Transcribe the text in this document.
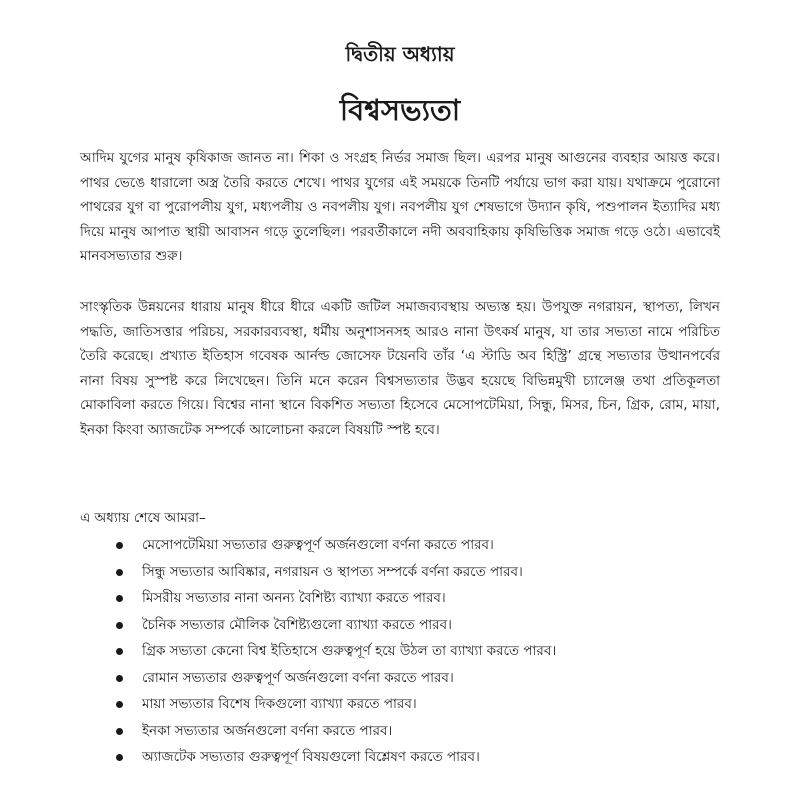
দ্বিতীয় অধ্যায়
বিশ্বসভ্যতা

আদিম যুগের মানুষ কৃষিকাজ জানত না। শিকা ও সংগ্রহ নির্ভর সমাজ ছিল। এরপর মানুষ আগুনের ব্যবহার আয়ত্ত করে। পাথর ভেঙে ধারালো অস্ত্র তৈরি করতে শেখে। পাথর যুগের এই সময়কে তিনটি পর্যায়ে ভাগ করা যায়। যথাক্রমে পুরোনো পাথরের যুগ বা পুরোপলীয় যুগ, মধ্যপলীয় ও নবপলীয় যুগ। নবপলীয় যুগ শেষভাগে উদ্যান কৃষি, পশুপালন ইত্যাদির মধ্য দিয়ে মানুষ আপাত স্থায়ী আবাসন গড়ে তুলেছিল। পরবর্তীকালে নদী অববাহিকায় কৃষিভিত্তিক সমাজ গড়ে ওঠে। এভাবেই মানবসভ্যতার শুরু।

সাংস্কৃতিক উন্নয়নের ধারায় মানুষ ধীরে ধীরে একটি জটিল সমাজব্যবস্থায় অভ্যস্ত হয়। উপযুক্ত নগরায়ন, স্থাপত্য, লিখন পদ্ধতি, জাতিসত্তার পরিচয়, সরকারব্যবস্থা, ধর্মীয় অনুশাসনসহ আরও নানা উৎকর্ষ মানুষ, যা তার সভ্যতা নামে পরিচিত তৈরি করেছে। প্রখ্যাত ইতিহাস গবেষক আর্নল্ড জোসেফ টয়েনবি তাঁর ‘এ স্টাডি অব হিস্ট্রি’ গ্রন্থে সভ্যতার উত্থানপর্বের নানা বিষয় সুস্পষ্ট করে লিখেছেন। তিনি মনে করেন বিশ্বসভ্যতার উদ্ভব হয়েছে বিভিন্নমুখী চ্যালেঞ্জ তথা প্রতিকূলতা মোকাবিলা করতে গিয়ে। বিশ্বের নানা স্থানে বিকশিত সভ্যতা হিসেবে মেসোপটেমিয়া, সিন্ধু, মিসর, চিন, গ্রিক, রোম, মায়া, ইনকা কিংবা অ্যাজটেক সম্পর্কে আলোচনা করলে বিষয়টি স্পষ্ট হবে।

এ অধ্যায় শেষে আমরা–
মেসোপটেমিয়া সভ্যতার গুরুত্বপূর্ণ অর্জনগুলো বর্ণনা করতে পারব।
সিন্ধু সভ্যতার আবিষ্কার, নগরায়ন ও স্থাপত্য সম্পর্কে বর্ণনা করতে পারব।
মিসরীয় সভ্যতার নানা অনন্য বৈশিষ্ট্য ব্যাখ্যা করতে পারব।
চৈনিক সভ্যতার মৌলিক বৈশিষ্ট্যগুলো ব্যাখ্যা করতে পারব।
গ্রিক সভ্যতা কেনো বিশ্ব ইতিহাসে গুরুত্বপূর্ণ হয়ে উঠল তা ব্যাখ্যা করতে পারব।
রোমান সভ্যতার গুরুত্বপূর্ণ অর্জনগুলো বর্ণনা করতে পারব।
মায়া সভ্যতার বিশেষ দিকগুলো ব্যাখ্যা করতে পারব।
ইনকা সভ্যতার অর্জনগুলো বর্ণনা করতে পারব।
অ্যাজটেক সভ্যতার গুরুত্বপূর্ণ বিষয়গুলো বিশ্লেষণ করতে পারব।
